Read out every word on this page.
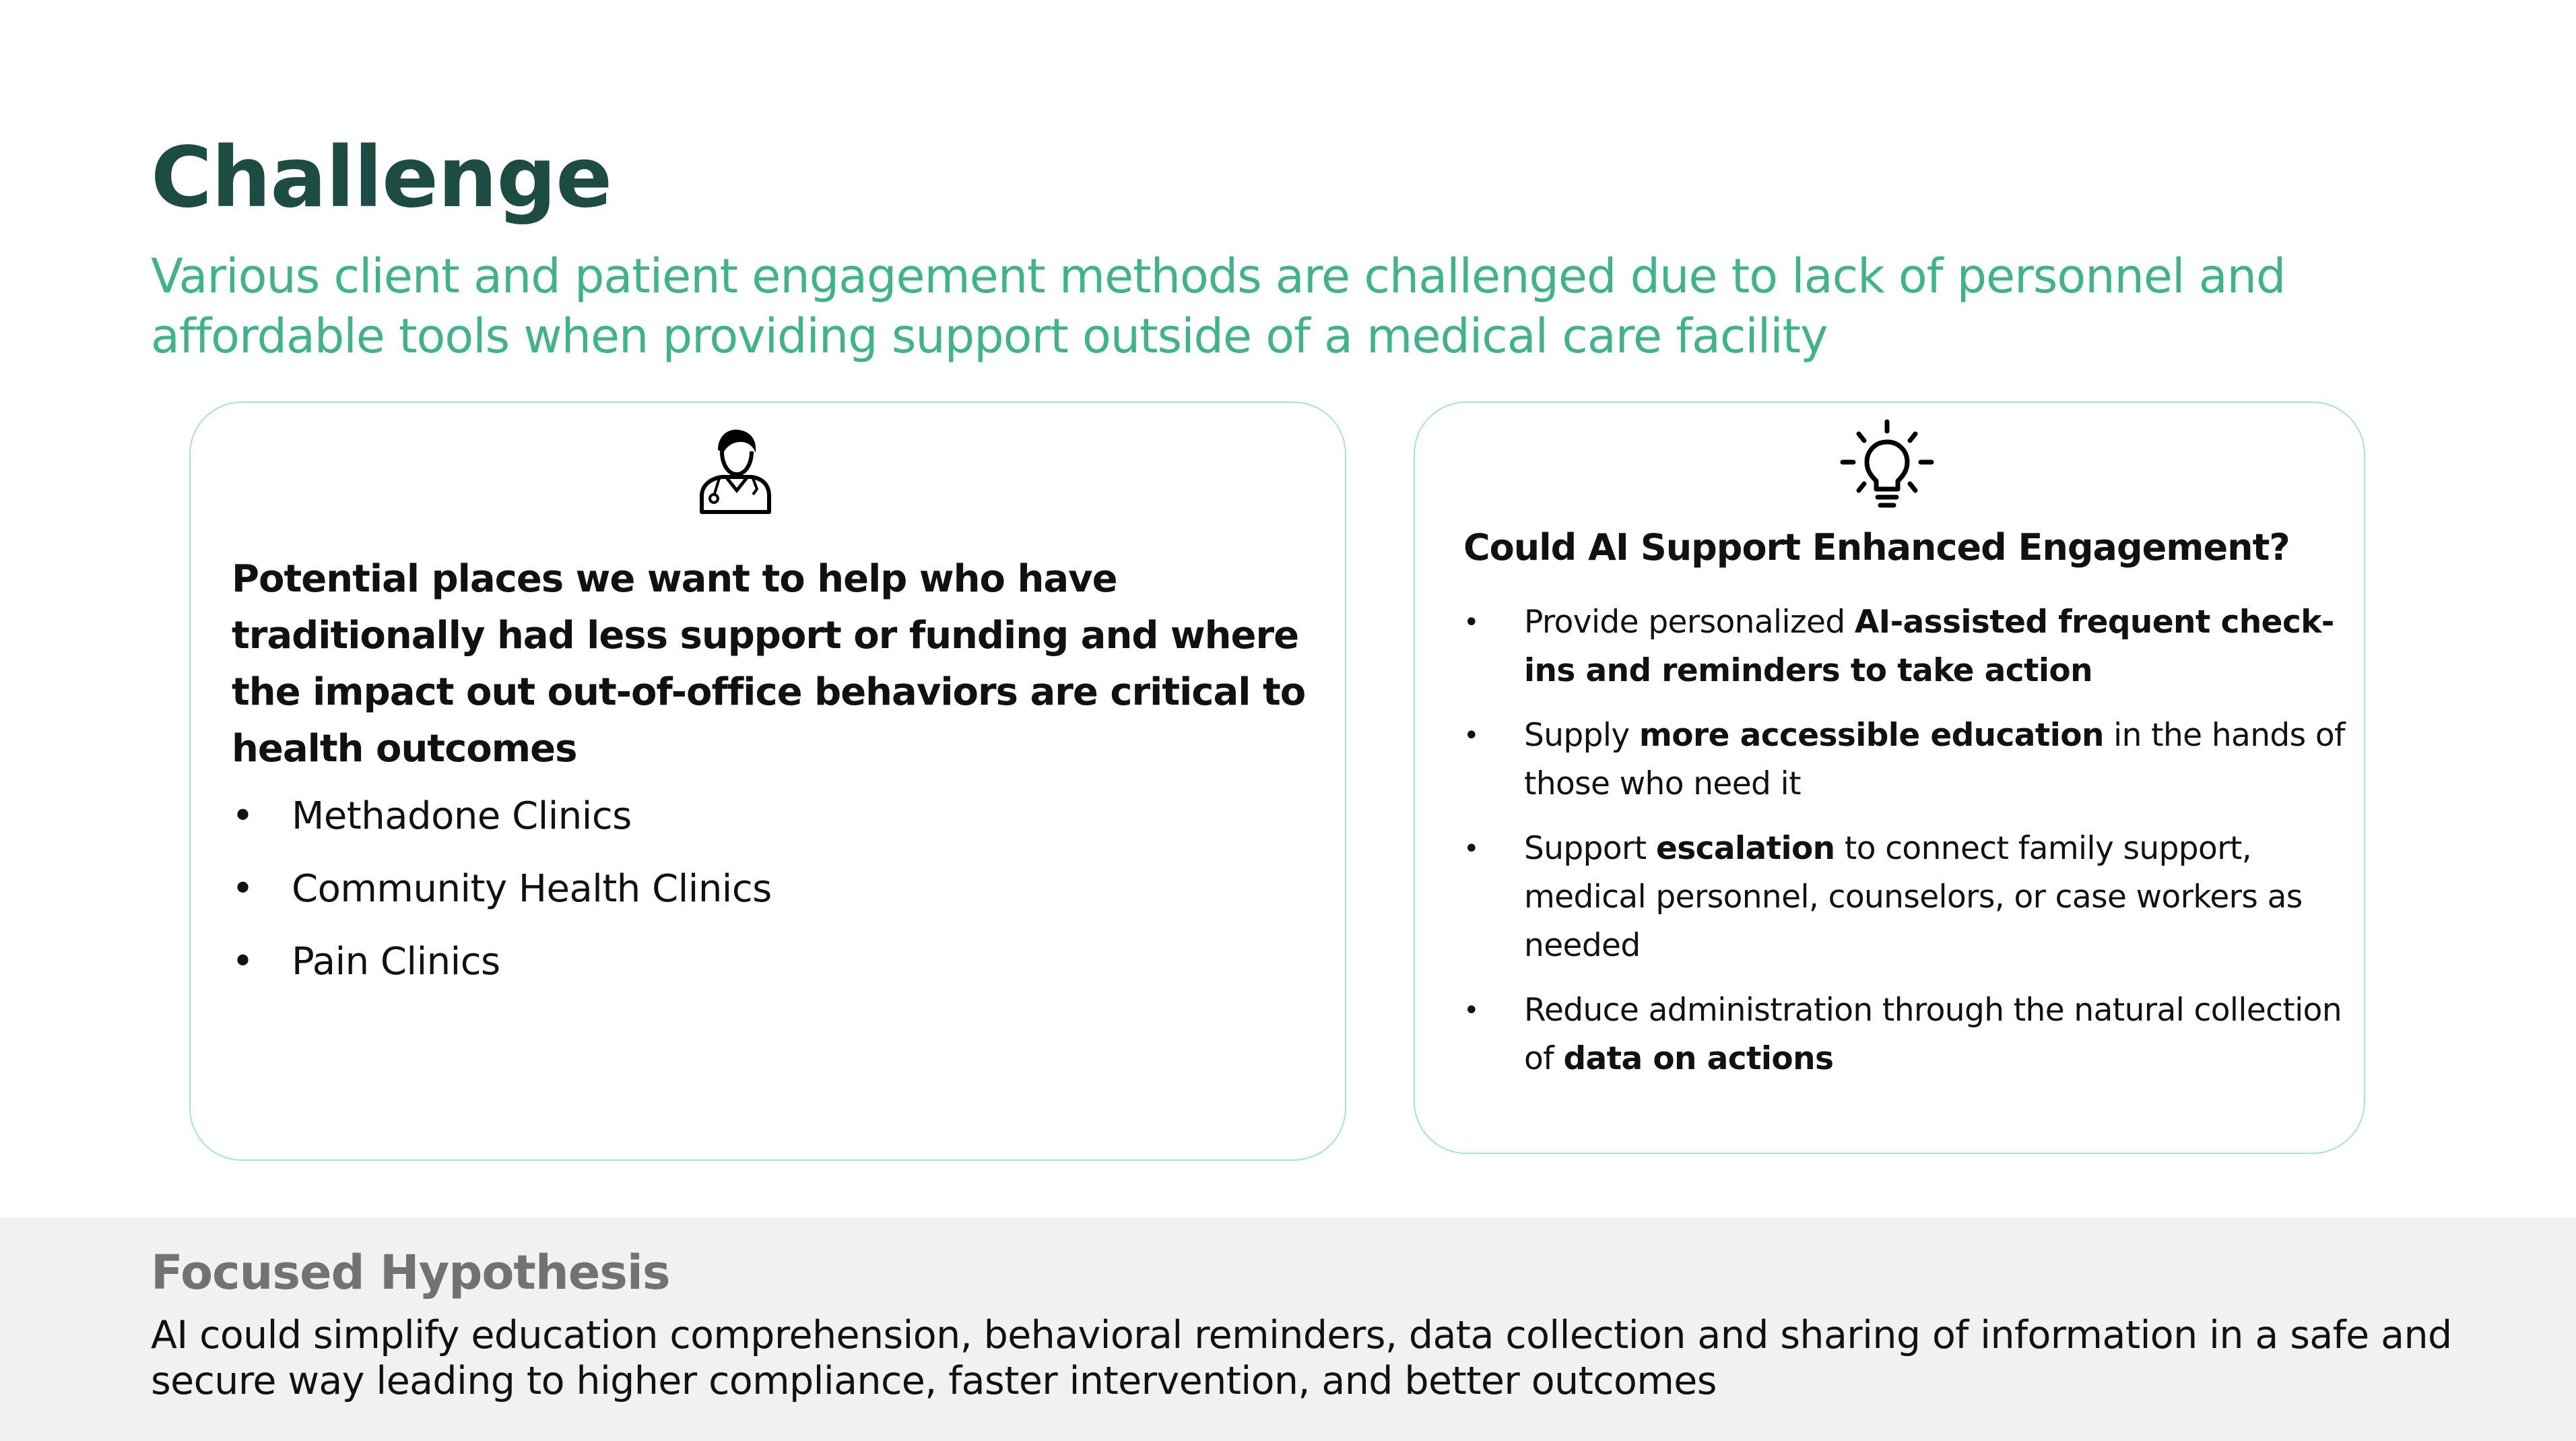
Challenge
Various client and patient engagement methods are challenged due to lack of personnel and affordable tools when providing support outside of a medical care facility
Potential places we want to help who have traditionally had less support or funding and where the impact out out-of-office behaviors are critical to health outcomes
• Methadone Clinics
• Community Health Clinics
• Pain Clinics
Could AI Support Enhanced Engagement?
• Provide personalized AI-assisted frequent check-ins and reminders to take action
• Supply more accessible education in the hands of those who need it
• Support escalation to connect family support, medical personnel, counselors, or case workers as needed
• Reduce administration through the natural collection of data on actions
Focused Hypothesis
AI could simplify education comprehension, behavioral reminders, data collection and sharing of information in a safe and secure way leading to higher compliance, faster intervention, and better outcomes
